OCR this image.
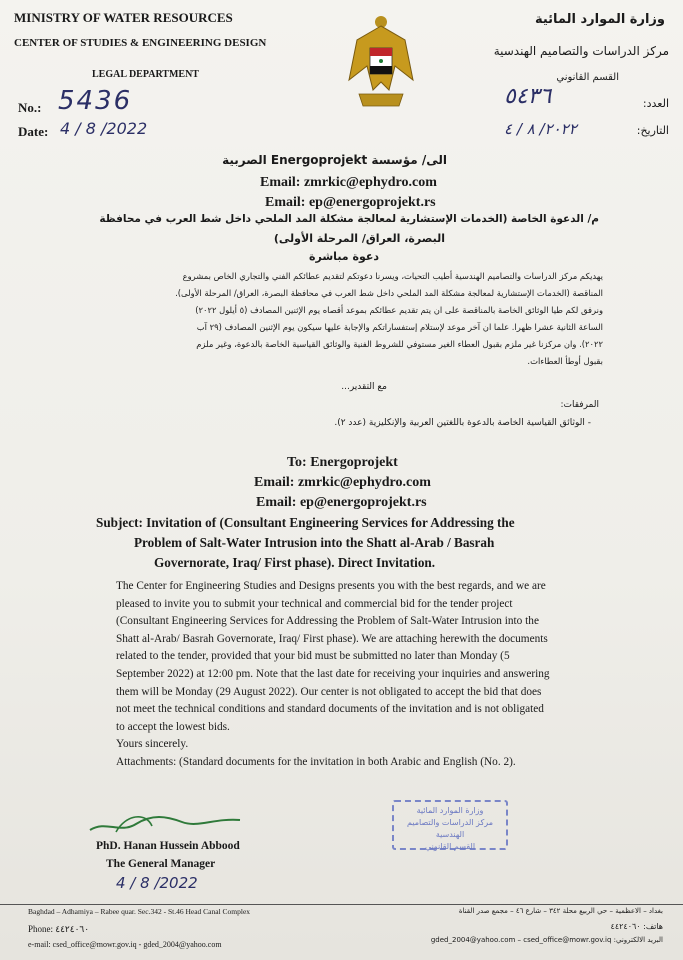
MINISTRY OF WATER RESOURCES
CENTER OF STUDIES & ENGINEERING DESIGN
LEGAL DEPARTMENT
No.: 5436
Date: 4 / 8 /2022
وزارة الموارد المائية
مركز الدراسات والتصاميم الهندسية
القسم القانوني
العدد:
٥٤٣٦
التاريخ:
٢٠٢٢/ ٨ / ٤
الى/ مؤسسة Energoprojekt الصربية
Email: zmrkic@ephydro.com
Email: ep@energoprojekt.rs
م/ الدعوة الخاصة (الخدمات الإستشارية لمعالجة مشكلة المد الملحي داخل شط العرب في محافظة
البصرة، العراق/ المرحلة الأولى)
دعوة مباشرة
يهديكم مركز الدراسات والتصاميم الهندسية أطيب التحيات، ويسرنا دعوتكم لتقديم عطائكم الفني والتجاري الخاص بمشروع
المناقصة (الخدمات الإستشارية لمعالجة مشكلة المد الملحي داخل شط العرب في محافظة البصرة، العراق/ المرحلة الأولى).
ونرفق لكم طيا الوثائق الخاصة بالمناقصة على ان يتم تقديم عطائكم بموعد أقصاه يوم الإثنين المصادف (٥ أيلول ٢٠٢٢)
الساعة الثانية عشرا ظهرا. علما ان آخر موعد لإستلام إستفساراتكم والإجابة عليها سيكون يوم الإثنين المصادف (٢٩ آب
٢٠٢٢). وان مركزنا غير ملزم بقبول العطاء الغير مستوفي للشروط الفنية والوثائق القياسية الخاصة بالدعوة، وغير ملزم
بقبول أوطأ العطاءات.
مع التقدير...
المرفقات:
- الوثائق القياسية الخاصة بالدعوة باللغتين العربية والإنكليزية (عدد ٢).
To: Energoprojekt
Email: zmrkic@ephydro.com
Email: ep@energoprojekt.rs
Subject: Invitation of (Consultant Engineering Services for Addressing the
Problem of Salt-Water Intrusion into the Shatt al-Arab / Basrah
Governorate, Iraq/ First phase). Direct Invitation.
The Center for Engineering Studies and Designs presents you with the best regards, and we are
pleased to invite you to submit your technical and commercial bid for the tender project
(Consultant Engineering Services for Addressing the Problem of Salt-Water Intrusion into the
Shatt al-Arab/ Basrah Governorate, Iraq/ First phase). We are attaching herewith the documents
related to the tender, provided that your bid must be submitted no later than Monday (5
September 2022) at 12:00 pm. Note that the last date for receiving your inquiries and answering
them will be Monday (29 August 2022). Our center is not obligated to accept the bid that does
not meet the technical conditions and standard documents of the invitation and is not obligated
to accept the lowest bids.
Yours sincerely.
Attachments: (Standard documents for the invitation in both Arabic and English (No. 2).
PhD. Hanan Hussein Abbood
The General Manager
4 / 8 /2022
وزارة الموارد المائية
مركز الدراسات والتصاميم الهندسية
القسم القانوني
Baghdad – Adhamiya – Rabee quar. Sec.342 - St.46 Head Canal Complex	بغداد – الاعظمية – حي الربيع محلة ٣٤٢ – شارع ٤٦ – مجمع صدر القناة
Phone: ٤٤٢٤٠٦٠	هاتف: ٤٤٢٤٠٦٠
e-mail: csed_office@mowr.gov.iq - gded_2004@yahoo.com	البريد الالكتروني: gded_2004@yahoo.com – csed_office@mowr.gov.iq
